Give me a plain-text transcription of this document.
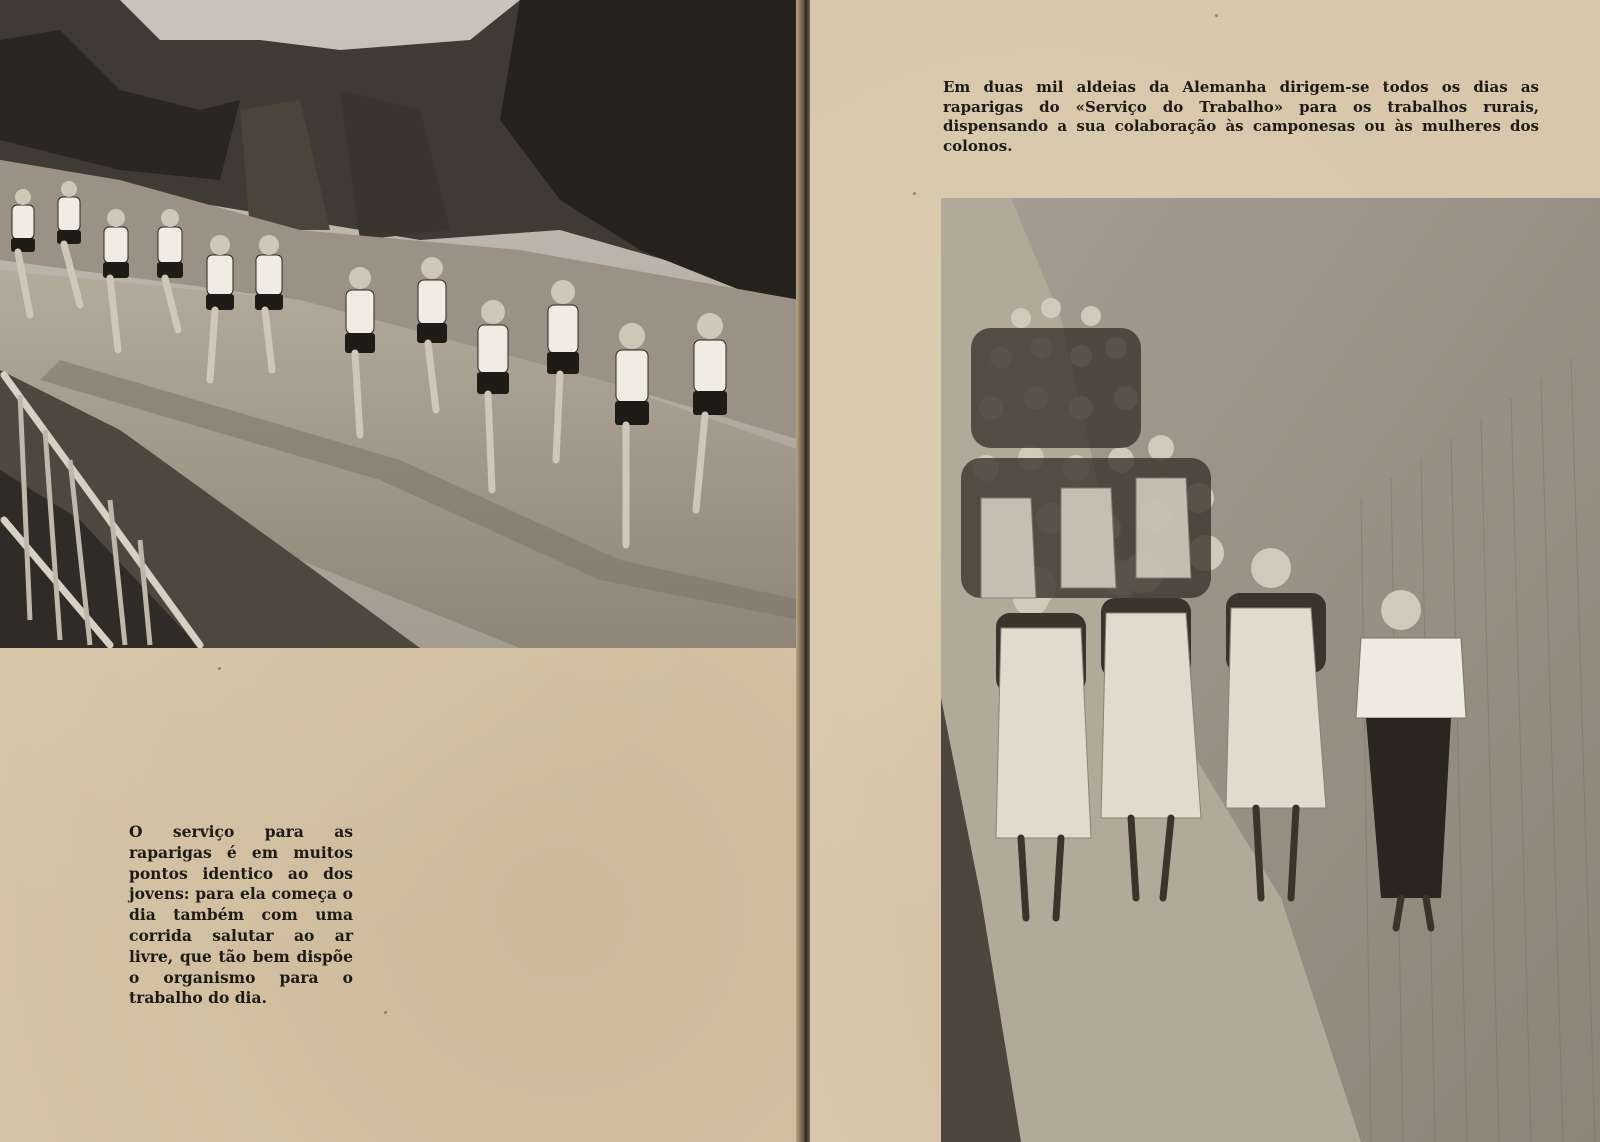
O serviço para as raparigas é em muitos pontos identico ao dos jovens: para ela começa o dia também com uma corrida salutar ao ar livre, que tão bem dispõe o organismo para o trabalho do dia.
Em duas mil aldeias da Alemanha dirigem-se todos os dias as raparigas do «Serviço do Trabalho» para os trabalhos rurais, dispensando a sua colaboração às camponesas ou às mulheres dos colonos.
